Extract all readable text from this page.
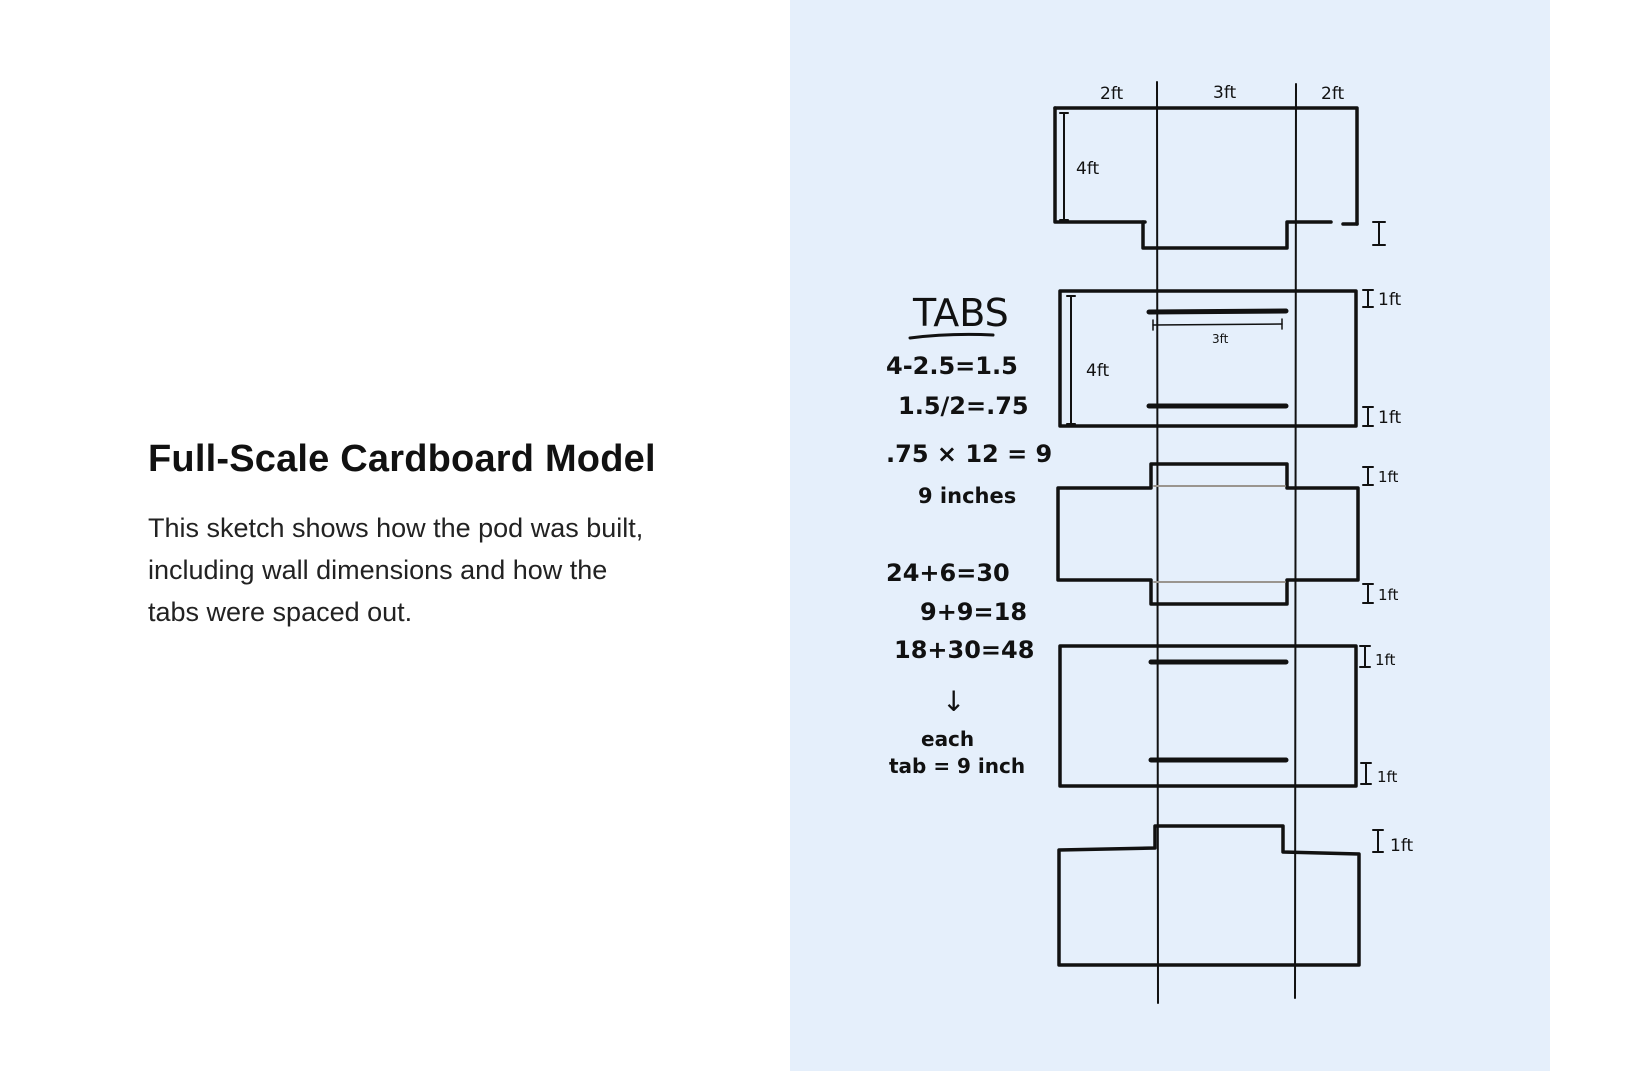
Full-Scale Cardboard Model

This sketch shows how the pod was built, including wall dimensions and how the tabs were spaced out.

2ft	3ft	2ft
4ft
4ft
3ft
1ft
1ft
1ft
1ft
1ft
1ft
1ft
TABS
4-2.5=1.5
1.5/2=.75
.75 × 12 = 9
9 inches
24+6=30
9+9=18
18+30=48
↓
each
tab = 9 inch
